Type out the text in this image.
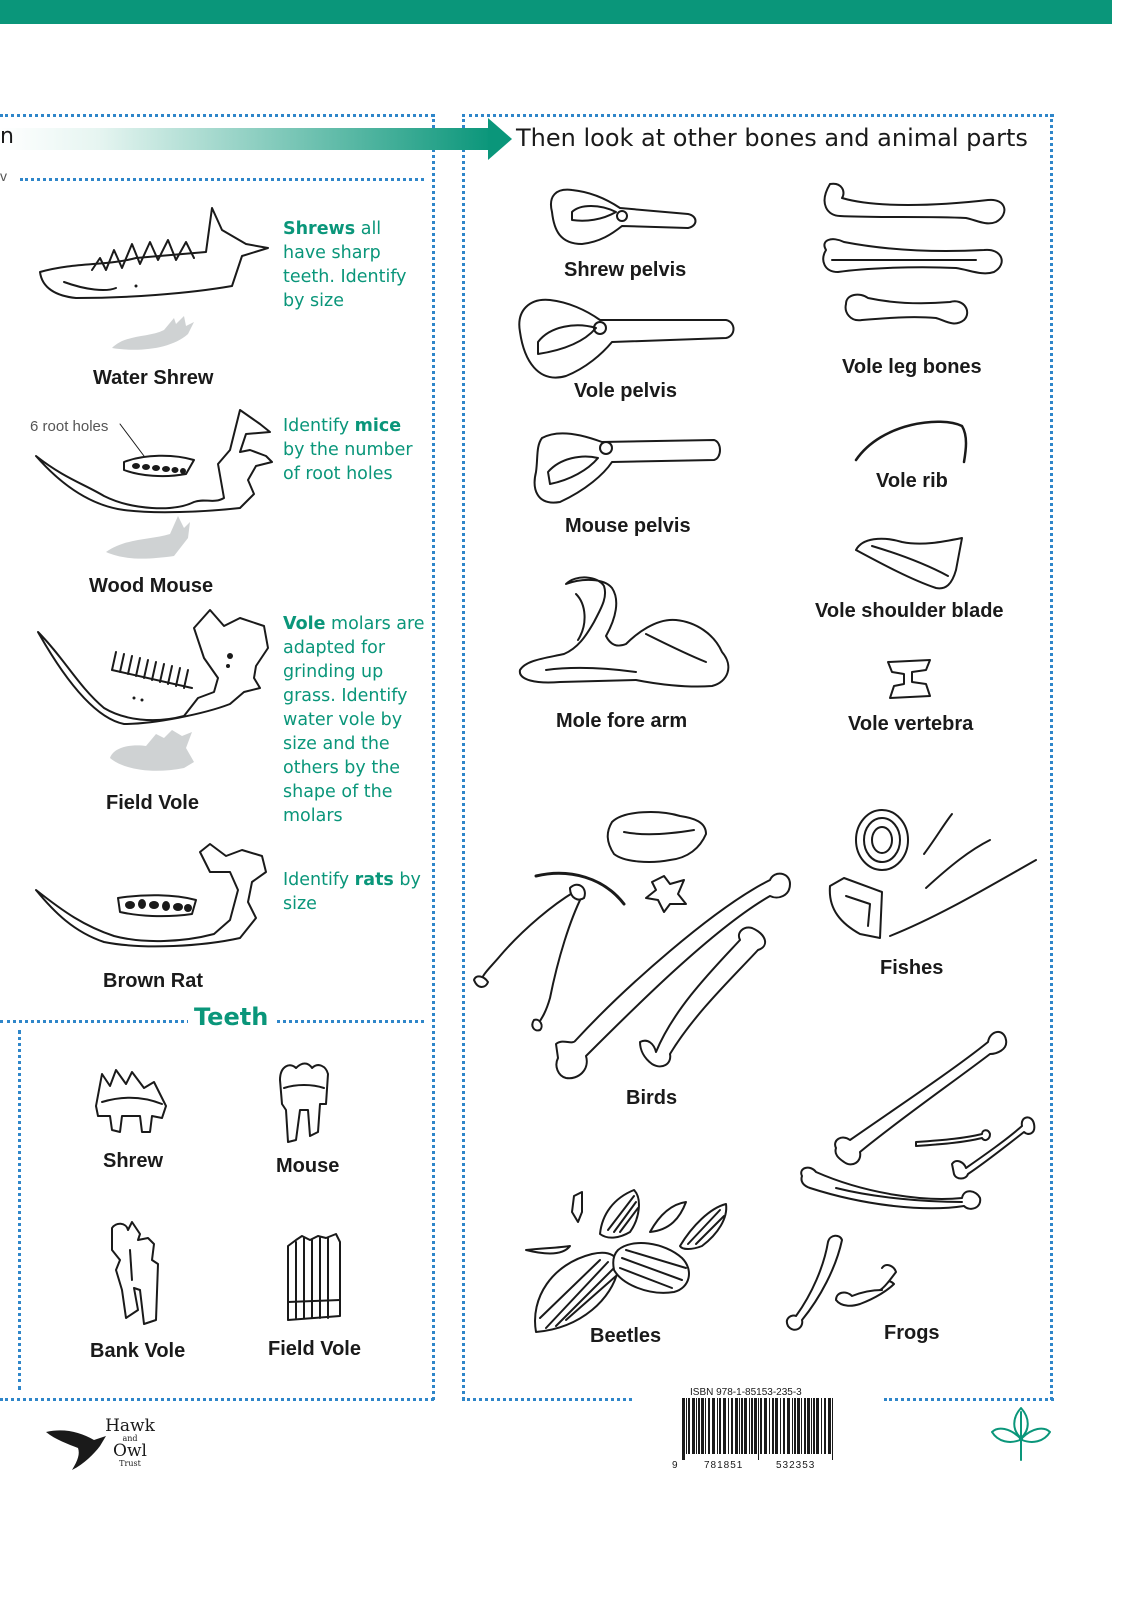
n
v
Then look at other bones and animal parts
Water Shrew
Shrews all have sharp teeth. Identify by size
6 root holes
Wood Mouse
Identify mice by the number of root holes
Field Vole
Vole molars are adapted for grinding up grass. Identify water vole by size and the others by the shape of the molars
Brown Rat
Identify rats by size
Teeth
Shrew	Mouse
Bank Vole	Field Vole
Shrew pelvis
Vole pelvis
Mouse pelvis
Mole fore arm
Vole leg bones
Vole rib
Vole shoulder blade
Vole vertebra
Birds
Fishes
Beetles	Frogs
Hawk
and
Owl
Trust
ISBN 978-1-85153-235-3
9	781851	532353
